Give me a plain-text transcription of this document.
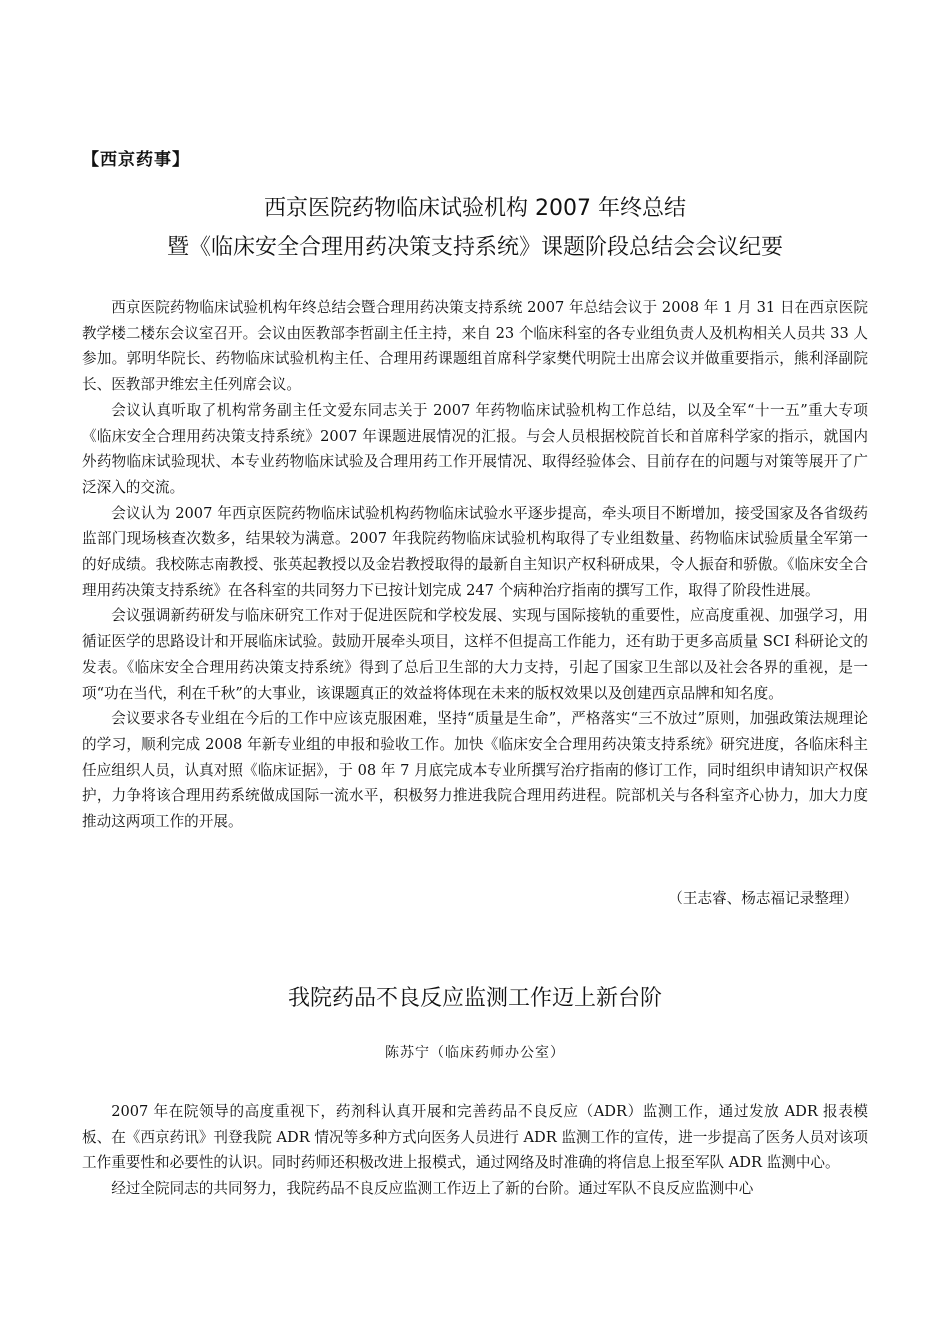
【西京药事】
西京医院药物临床试验机构 2007 年终总结
暨《临床安全合理用药决策支持系统》课题阶段总结会会议纪要

西京医院药物临床试验机构年终总结会暨合理用药决策支持系统 2007 年总结会议于 2008 年 1 月 31 日在西京医院教学楼二楼东会议室召开。会议由医教部李哲副主任主持，来自 23 个临床科室的各专业组负责人及机构相关人员共 33 人参加。郭明华院长、药物临床试验机构主任、合理用药课题组首席科学家樊代明院士出席会议并做重要指示，熊利泽副院长、医教部尹维宏主任列席会议。

会议认真听取了机构常务副主任文爱东同志关于 2007 年药物临床试验机构工作总结，以及全军“十一五”重大专项《临床安全合理用药决策支持系统》2007 年课题进展情况的汇报。与会人员根据校院首长和首席科学家的指示，就国内外药物临床试验现状、本专业药物临床试验及合理用药工作开展情况、取得经验体会、目前存在的问题与对策等展开了广泛深入的交流。

会议认为 2007 年西京医院药物临床试验机构药物临床试验水平逐步提高，牵头项目不断增加，接受国家及各省级药监部门现场核查次数多，结果较为满意。2007 年我院药物临床试验机构取得了专业组数量、药物临床试验质量全军第一的好成绩。我校陈志南教授、张英起教授以及金岩教授取得的最新自主知识产权科研成果，令人振奋和骄傲。《临床安全合理用药决策支持系统》在各科室的共同努力下已按计划完成 247 个病种治疗指南的撰写工作，取得了阶段性进展。

会议强调新药研发与临床研究工作对于促进医院和学校发展、实现与国际接轨的重要性，应高度重视、加强学习，用循证医学的思路设计和开展临床试验。鼓励开展牵头项目，这样不但提高工作能力，还有助于更多高质量 SCI 科研论文的发表。《临床安全合理用药决策支持系统》得到了总后卫生部的大力支持，引起了国家卫生部以及社会各界的重视，是一项“功在当代，利在千秋”的大事业，该课题真正的效益将体现在未来的版权效果以及创建西京品牌和知名度。

会议要求各专业组在今后的工作中应该克服困难，坚持“质量是生命”，严格落实“三不放过”原则，加强政策法规理论的学习，顺利完成 2008 年新专业组的申报和验收工作。加快《临床安全合理用药决策支持系统》研究进度，各临床科主任应组织人员，认真对照《临床证据》，于 08 年 7 月底完成本专业所撰写治疗指南的修订工作，同时组织申请知识产权保护，力争将该合理用药系统做成国际一流水平，积极努力推进我院合理用药进程。院部机关与各科室齐心协力，加大力度推动这两项工作的开展。

（王志睿、杨志福记录整理）
我院药品不良反应监测工作迈上新台阶
陈苏宁（临床药师办公室）

2007 年在院领导的高度重视下，药剂科认真开展和完善药品不良反应（ADR）监测工作，通过发放 ADR 报表模板、在《西京药讯》刊登我院 ADR 情况等多种方式向医务人员进行 ADR 监测工作的宣传，进一步提高了医务人员对该项工作重要性和必要性的认识。同时药师还积极改进上报模式，通过网络及时准确的将信息上报至军队 ADR 监测中心。

经过全院同志的共同努力，我院药品不良反应监测工作迈上了新的台阶。通过军队不良反应监测中心
